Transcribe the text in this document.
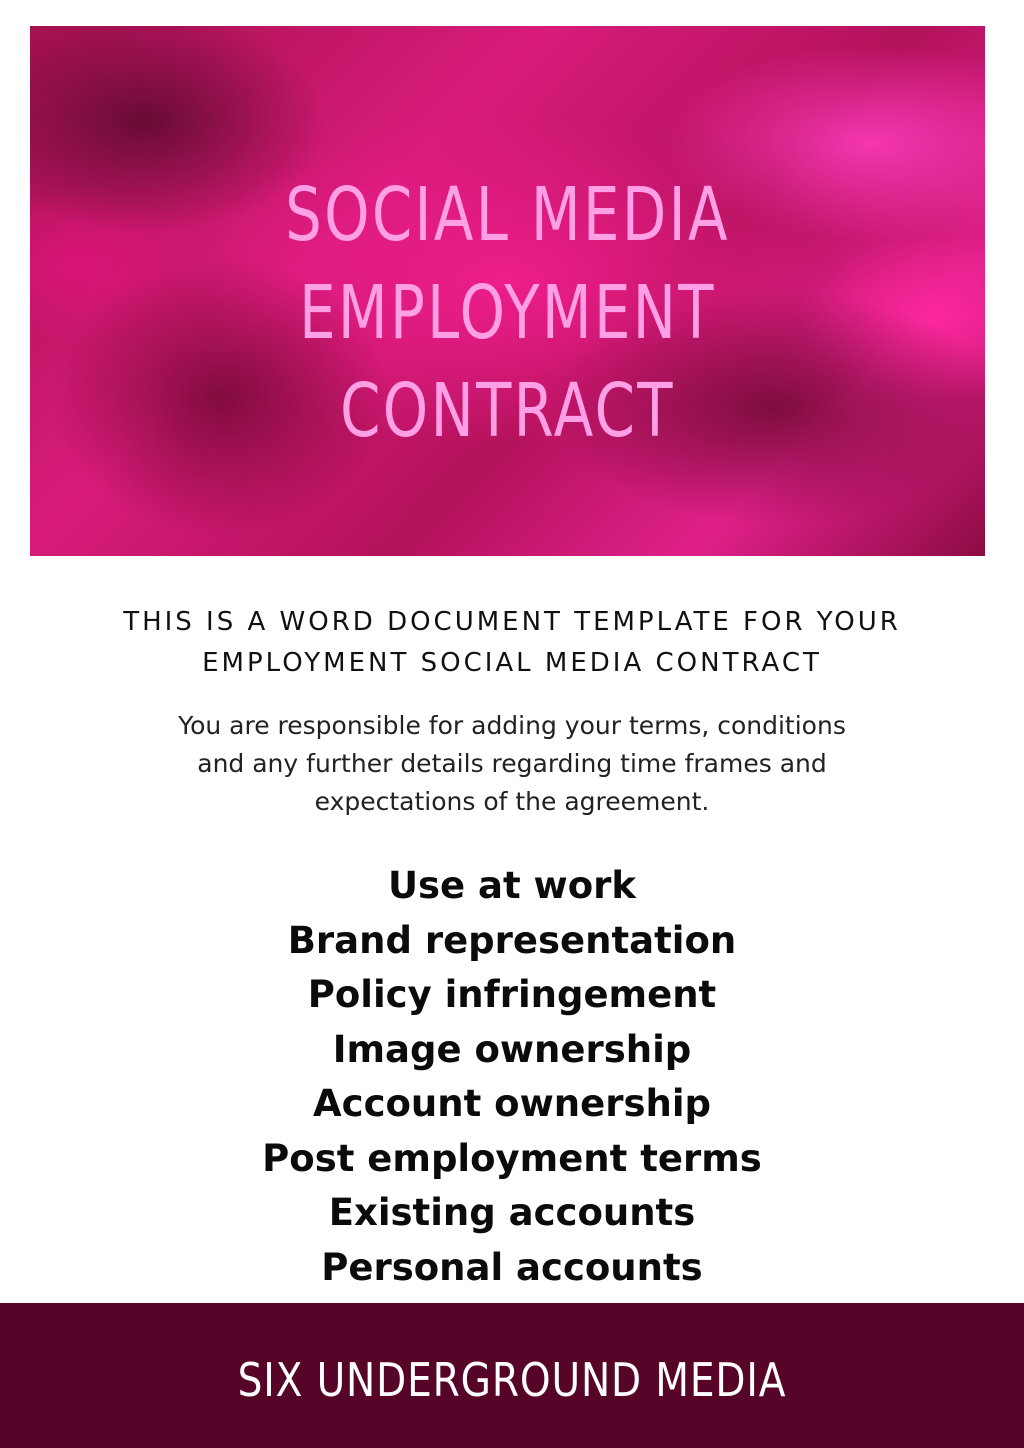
SOCIAL MEDIA
EMPLOYMENT
CONTRACT
THIS IS A WORD DOCUMENT TEMPLATE FOR YOUR
EMPLOYMENT SOCIAL MEDIA CONTRACT

You are responsible for adding your terms, conditions
and any further details regarding time frames and
expectations of the agreement.

Use at work
Brand representation
Policy infringement
Image ownership
Account ownership
Post employment terms
Existing accounts
Personal accounts
SIX UNDERGROUND MEDIA
